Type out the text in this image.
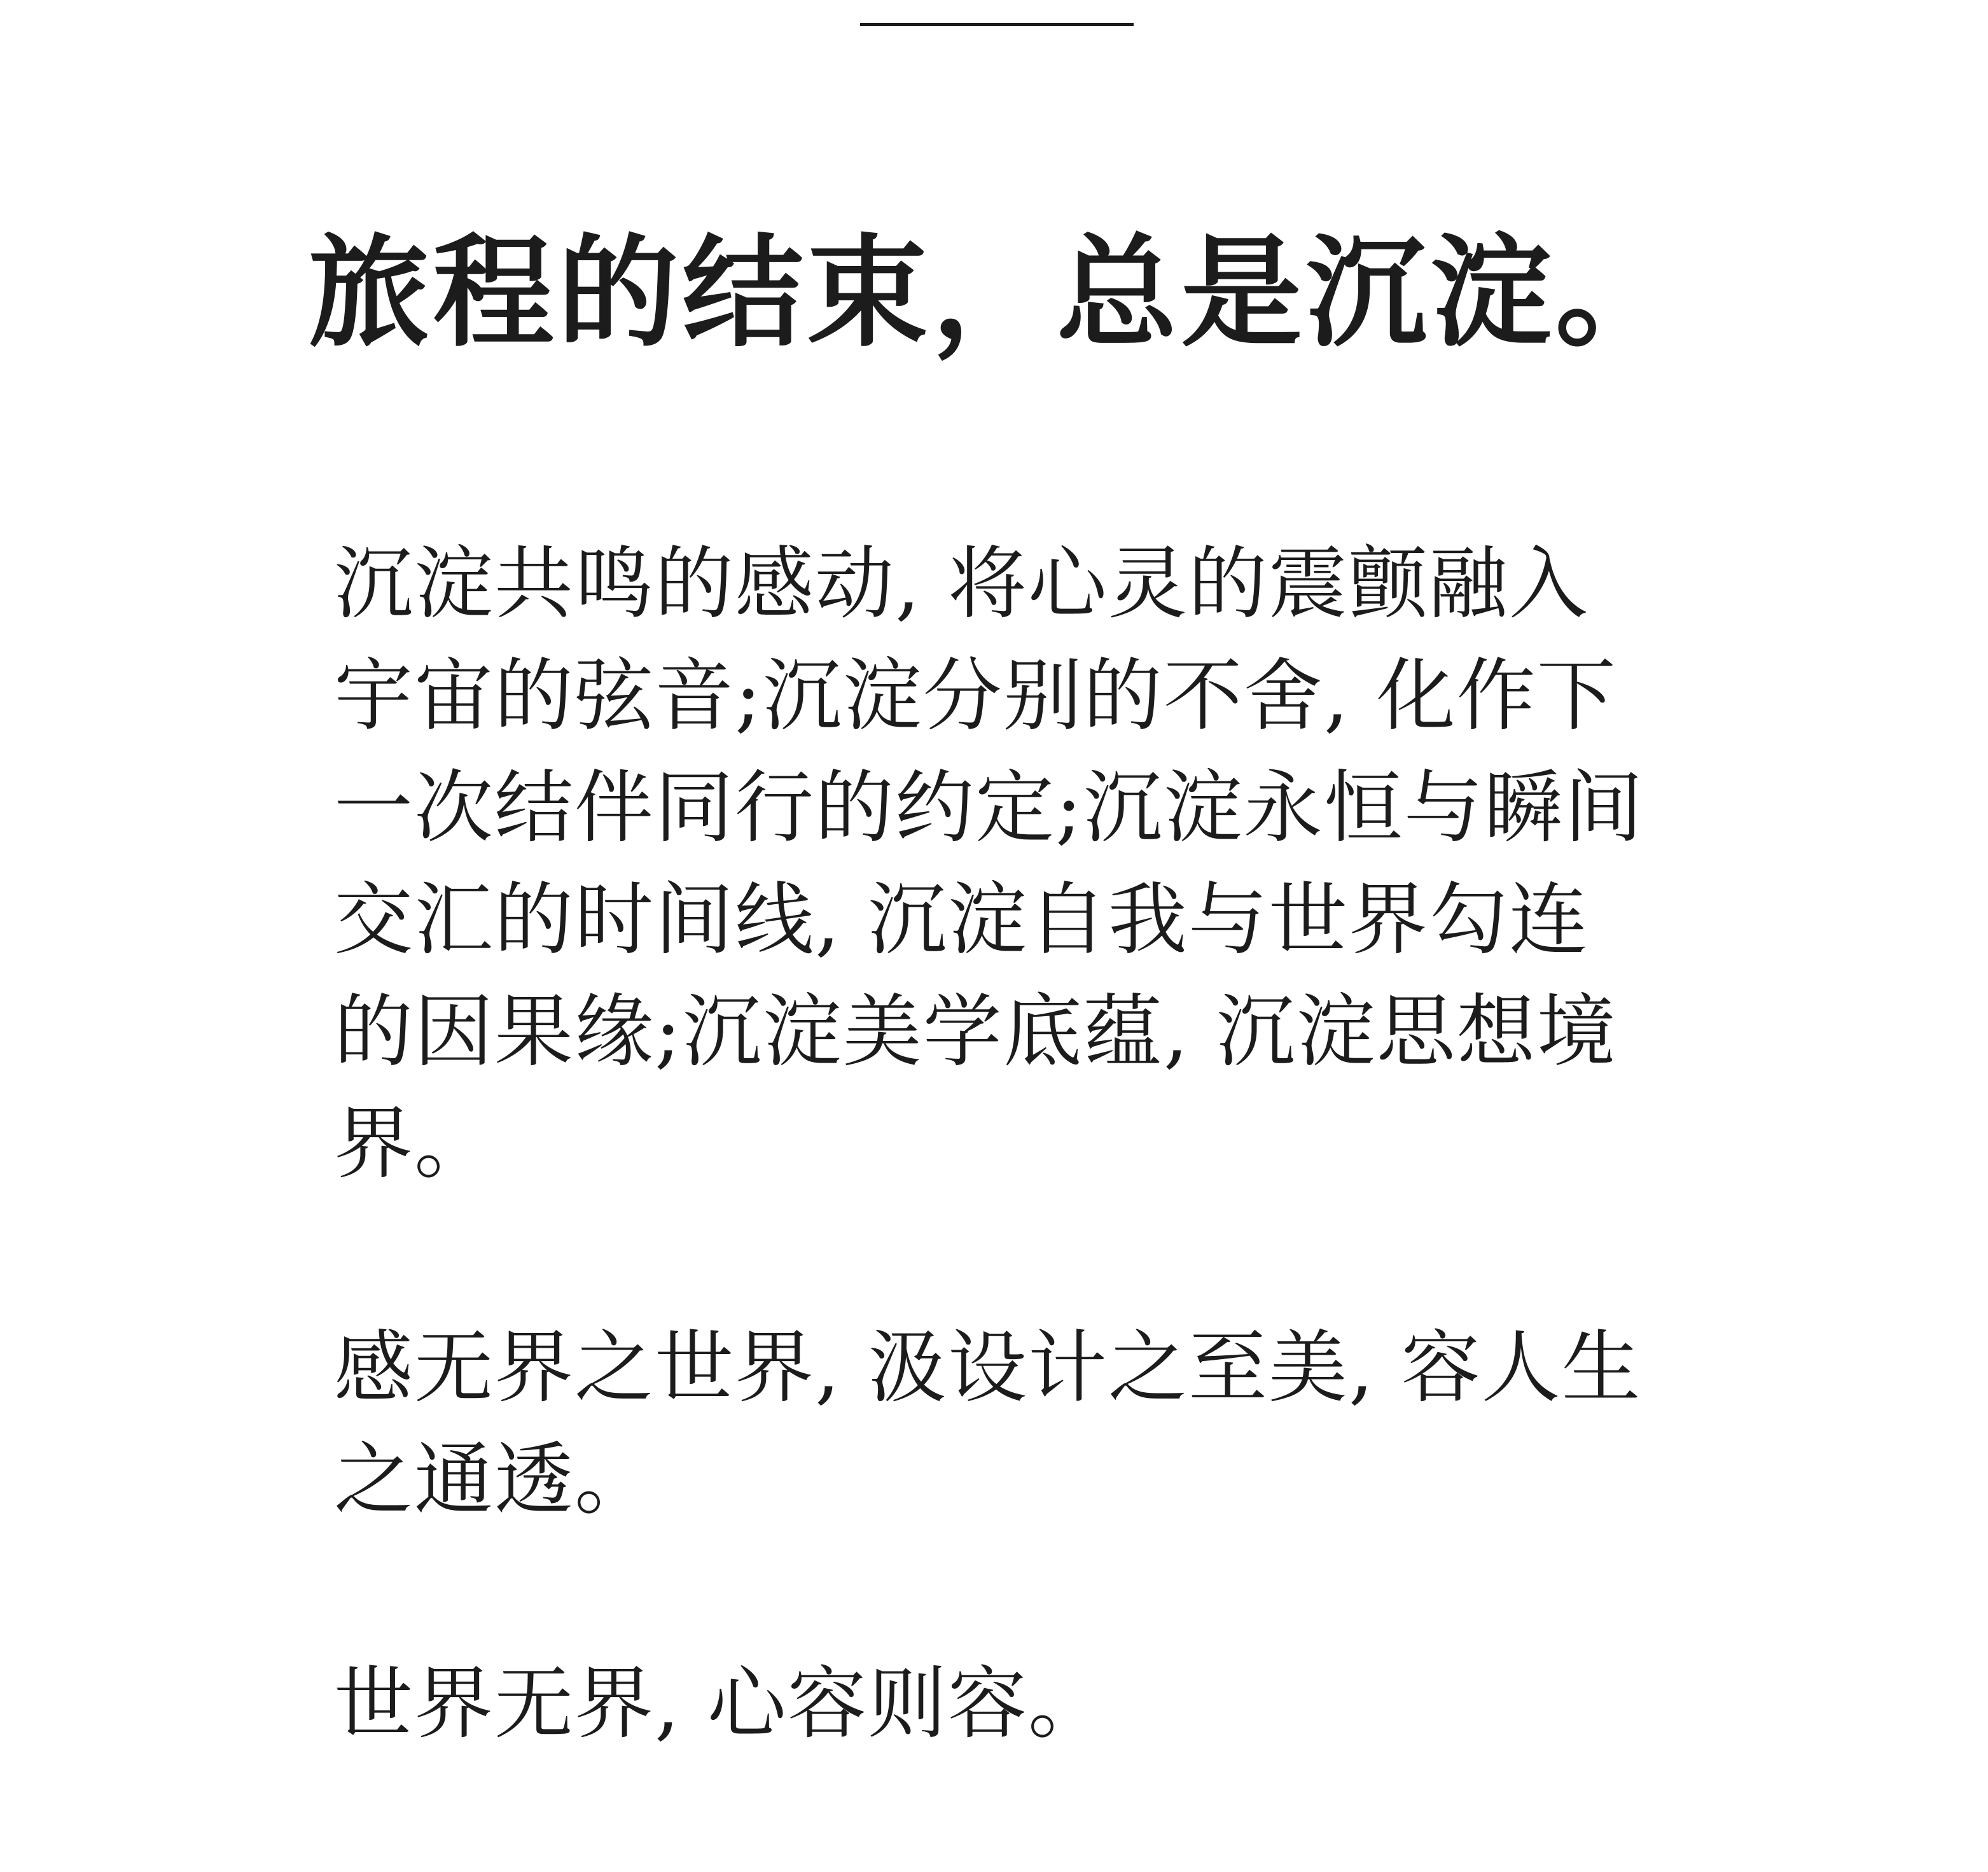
旅程的结束，总是沉淀。

沉淀共鸣的感动, 将心灵的震颤融入宇宙的弦音;沉淀分别的不舍, 化作下一次结伴同行的约定;沉淀永恒与瞬间交汇的时间线, 沉淀自我与世界勾连的因果缘;沉淀美学底蕴, 沉淀思想境界。

感无界之世界, 汲设计之至美, 容人生之通透。

世界无界, 心容则容。
